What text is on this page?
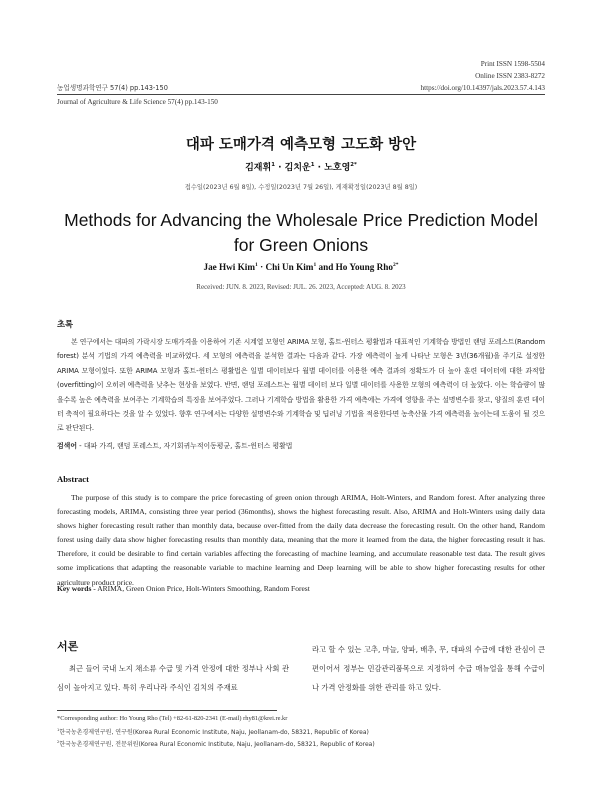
Print ISSN 1598-5504
Online ISSN 2383-8272
https://doi.org/10.14397/jals.2023.57.4.143
농업생명과학연구 57(4) pp.143-150
Journal of Agriculture & Life Science 57(4) pp.143-150
대파 도매가격 예측모형 고도화 방안
김재휘$^1$ · 김치운$^1$ · 노호영$^{2*}$
접수일(2023년 6월 8일), 수정일(2023년 7월 26일), 게재확정일(2023년 8월 8일)
Methods for Advancing the Wholesale Price Prediction Model for Green Onions
Jae Hwi Kim$^1$ · Chi Un Kim$^1$ and Ho Young Rho$^{2*}$
Received: JUN. 8. 2023, Revised: JUL. 26. 2023, Accepted: AUG. 8. 2023
초록
본 연구에서는 대파의 가락시장 도매가격을 이용하여 기존 시계열 모형인 ARIMA 모형, 홀트-윈터스 평활법과 대표적인 기계학습 방법인 랜덤 포레스트(Random forest) 분석 기법의 가격 예측력을 비교하였다. 세 모형의 예측력을 분석한 결과는 다음과 같다. 가장 예측력이 높게 나타난 모형은 3년(36개월)을 주기로 설정한 ARIMA 모형이었다. 또한 ARIMA 모형과 홀트-윈터스 평활법은 일별 데이터보다 월별 데이터를 이용한 예측 결과의 정확도가 더 높아 훈련 데이터에 대한 과적합(overfitting)이 오히려 예측력을 낮추는 현상을 보였다. 반면, 랜덤 포레스트는 월별 데이터 보다 일별 데이터를 사용한 모형의 예측력이 더 높았다. 이는 학습량이 많을수록 높은 예측력을 보여주는 기계학습의 특징을 보여주었다. 그러나 기계학습 방법을 활용한 가격 예측에는 가격에 영향을 주는 설명변수를 찾고, 양질의 훈련 데이터 축적이 필요하다는 것을 알 수 있었다. 향후 연구에서는 다양한 설명변수와 기계학습 및 딥러닝 기법을 적용한다면 농축산물 가격 예측력을 높이는데 도움이 될 것으로 판단된다.
검색어 - 대파 가격, 랜덤 포레스트, 자기회귀누적이동평균, 홀트-윈터스 평활법
Abstract
The purpose of this study is to compare the price forecasting of green onion through ARIMA, Holt-Winters, and Random forest. After analyzing three forecasting models, ARIMA, consisting three year period (36months), shows the highest forecasting result. Also, ARIMA and Holt-Winters using daily data shows higher forecasting result rather than monthly data, because over-fitted from the daily data decrease the forecasting result. On the other hand, Random forest using daily data show higher forecasting results than monthly data, meaning that the more it learned from the data, the higher forecasting result it has. Therefore, it could be desirable to find certain variables affecting the forecasting of machine learning, and accumulate reasonable test data. The result gives some implications that adapting the reasonable variable to machine learning and Deep learning will be able to show higher forecasting results for other agriculture product price.
Key words - ARIMA, Green Onion Price, Holt-Winters Smoothing, Random Forest
서론
최근 들어 국내 노지 채소류 수급 및 가격 안정에 대한 정부나 사회 관심이 높아지고 있다. 특히 우리나라 주식인 김치의 주재료
라고 할 수 있는 고추, 마늘, 양파, 배추, 무, 대파의 수급에 대한 관심이 큰 편이어서 정부는 민감관리품목으로 지정하여 수급 매뉴얼을 통해 수급이나 가격 안정화를 위한 관리를 하고 있다.
*Corresponding author: Ho Young Rho (Tel) +82-61-820-2341 (E-mail) rhy81@krei.re.kr
$^1$한국농촌경제연구원, 연구원(Korea Rural Economic Institute, Naju, Jeollanam-do, 58321, Republic of Korea)
$^2$한국농촌경제연구원, 전문위원(Korea Rural Economic Institute, Naju, Jeollanam-do, 58321, Republic of Korea)
